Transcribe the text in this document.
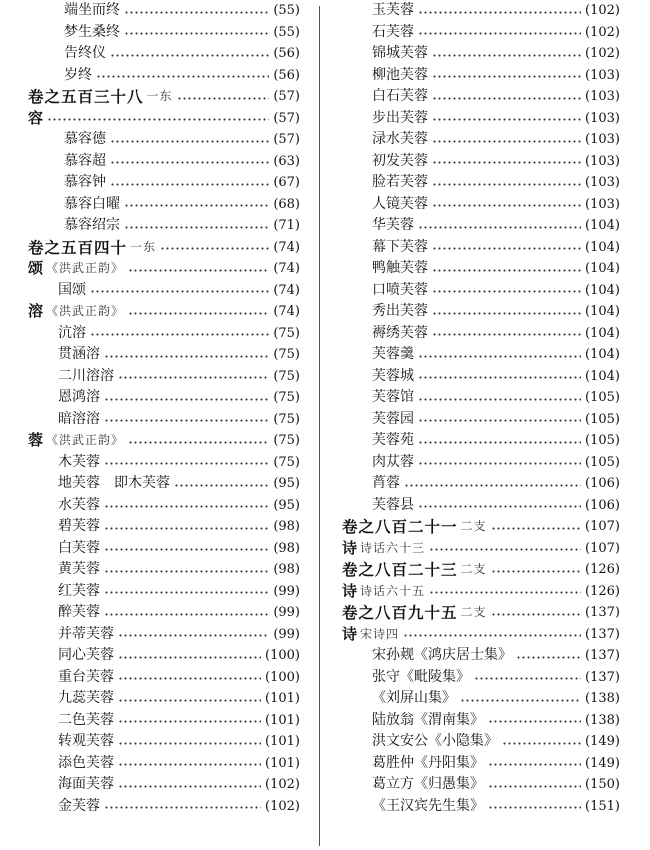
端坐而终	(55)
梦生桑终	(55)
告终仪	(56)
岁终	(56)
卷之五百三十八 一东	(57)
容	(57)
慕容德	(57)
慕容超	(63)
慕容钟	(67)
慕容白曜	(68)
慕容绍宗	(71)
卷之五百四十 一东	(74)
颂 《洪武正韵》	(74)
国颂	(74)
溶 《洪武正韵》	(74)
沆溶	(75)
贯涵溶	(75)
二川溶溶	(75)
恩鸿溶	(75)
暗溶溶	(75)
蓉 《洪武正韵》	(75)
木芙蓉	(75)
地芙蓉　即木芙蓉	(95)
水芙蓉	(95)
碧芙蓉	(98)
白芙蓉	(98)
黄芙蓉	(98)
红芙蓉	(99)
醉芙蓉	(99)
并蒂芙蓉	(99)
同心芙蓉	(100)
重台芙蓉	(100)
九蕊芙蓉	(101)
二色芙蓉	(101)
转观芙蓉	(101)
添色芙蓉	(101)
海面芙蓉	(102)
金芙蓉	(102)
玉芙蓉	(102)
石芙蓉	(102)
锦城芙蓉	(102)
柳池芙蓉	(103)
白石芙蓉	(103)
步出芙蓉	(103)
渌水芙蓉	(103)
初发芙蓉	(103)
脸若芙蓉	(103)
人镜芙蓉	(103)
华芙蓉	(104)
幕下芙蓉	(104)
鸭触芙蓉	(104)
口喷芙蓉	(104)
秀出芙蓉	(104)
褥绣芙蓉	(104)
芙蓉羹	(104)
芙蓉城	(104)
芙蓉馆	(105)
芙蓉园	(105)
芙蓉苑	(105)
肉苁蓉	(105)
莦蓉	(106)
芙蓉县	(106)
卷之八百二十一 二支	(107)
诗 诗话六十三	(107)
卷之八百二十三 二支	(126)
诗 诗话六十五	(126)
卷之八百九十五 二支	(137)
诗 宋诗四	(137)
宋孙觌《鸿庆居士集》	(137)
张守《毗陵集》	(137)
《刘屏山集》	(138)
陆放翁《渭南集》	(138)
洪文安公《小隐集》	(149)
葛胜仲《丹阳集》	(149)
葛立方《归愚集》	(150)
《王汉宾先生集》	(151)
